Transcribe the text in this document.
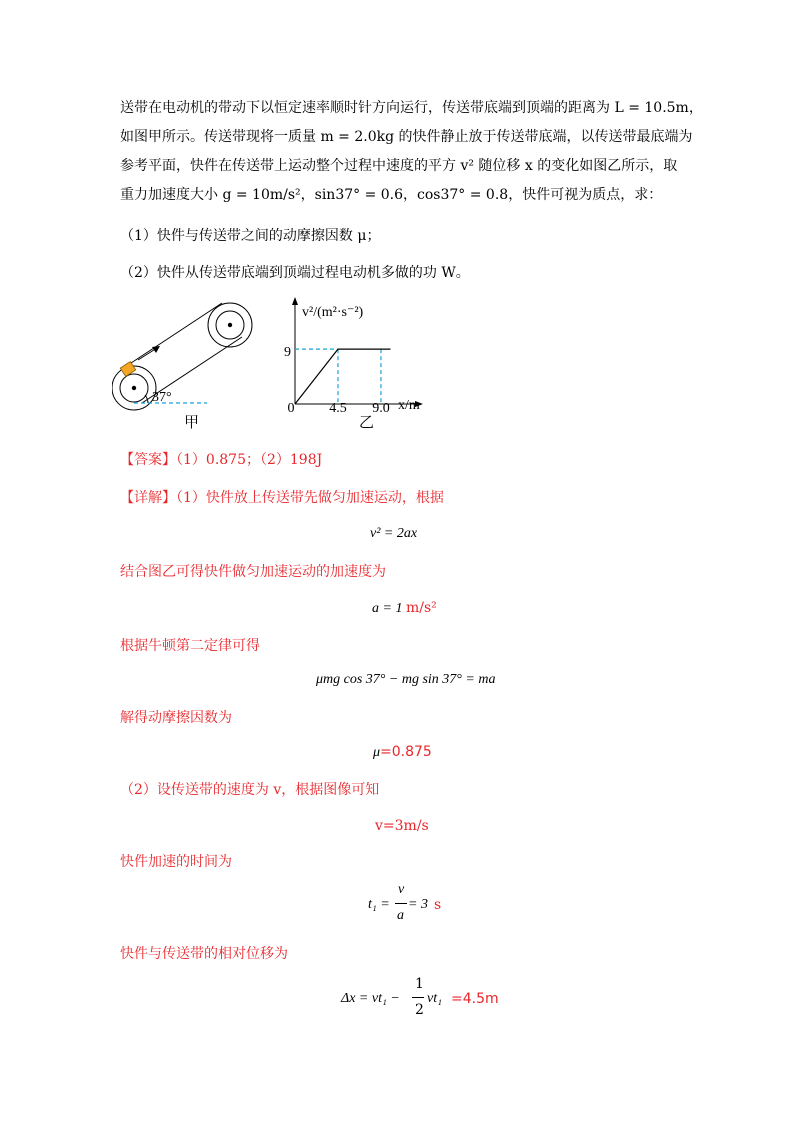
送带在电动机的带动下以恒定速率顺时针方向运行，传送带底端到顶端的距离为 L = 10.5m，
如图甲所示。传送带现将一质量 m = 2.0kg 的快件静止放于传送带底端，以传送带最底端为
参考平面，快件在传送带上运动整个过程中速度的平方 v² 随位移 x 的变化如图乙所示，取
重力加速度大小 g = 10m/s²，sin37° = 0.6，cos37° = 0.8，快件可视为质点，求：
（1）快件与传送带之间的动摩擦因数 μ；
（2）快件从传送带底端到顶端过程电动机多做的功 W。
37°
甲
v²/(m²·s⁻²)
x/m
0
9
4.5 9.0
乙
【答案】（1）0.875；（2）198J
【详解】（1）快件放上传送带先做匀加速运动，根据
v² = 2ax
结合图乙可得快件做匀加速运动的加速度为
a = 1 m/s²
根据牛顿第二定律可得
μmg cos 37° − mg sin 37° = ma
解得动摩擦因数为
μ=0.875
（2）设传送带的速度为 v，根据图像可知
v=3m/s
快件加速的时间为
t₁ =
v
a
= 3 s
快件与传送带的相对位移为
Δx = vt₁ −
1
2
vt₁ =4.5m
